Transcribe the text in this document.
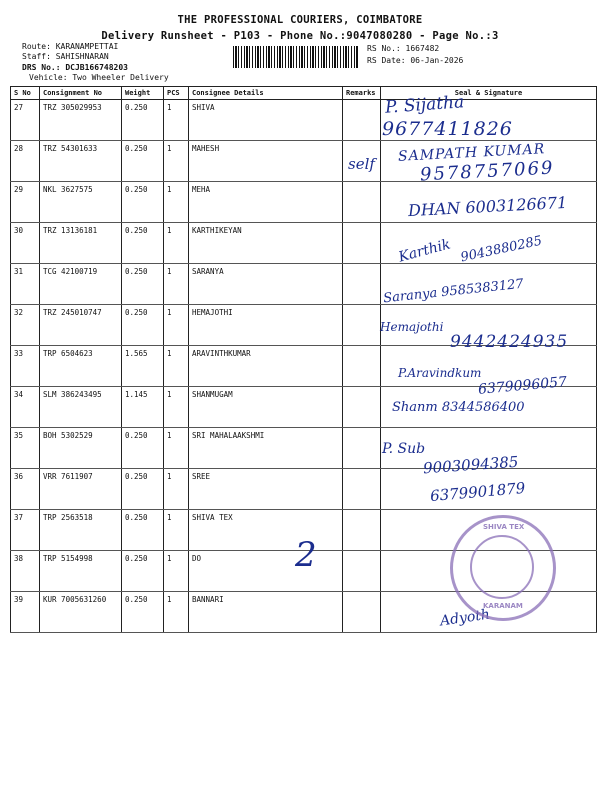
THE PROFESSIONAL COURIERS, COIMBATORE
Delivery Runsheet - P103 - Phone No.:9047080280 - Page No.:3
Route: KARANAMPETTAI
Staff: SAHISHNARAN
DRS No.: DCJB166748203
Vehicle: Two Wheeler Delivery
RS No.: 1667482
RS Date: 06-Jan-2026
S No	Consignment No	Weight	PCS	Consignee Details	Remarks	Seal & Signature
27	TRZ 305029953	0.250	1	SHIVA		
28	TRZ 54301633	0.250	1	MAHESH		
29	NKL 3627575	0.250	1	MEHA		
30	TRZ 13136181	0.250	1	KARTHIKEYAN		
31	TCG 42100719	0.250	1	SARANYA		
32	TRZ 245010747	0.250	1	HEMAJOTHI		
33	TRP 6504623	1.565	1	ARAVINTHKUMAR		
34	SLM 386243495	1.145	1	SHANMUGAM		
35	BOH 5302529	0.250	1	SRI MAHALAAKSHMI		
36	VRR 7611907	0.250	1	SREE		
37	TRP 2563518	0.250	1	SHIVA TEX		
38	TRP 5154998	0.250	1	DO		
39	KUR 7005631260	0.250	1	BANNARI		
P. Sijatha
9677411826
self SAMPATH KUMAR
9578757069
DHAN 6003126671
Karthik 9043880285
Saranya 9585383127
Hemajothi
9442424935
P.Aravindkum
6379096057
Shanm 8344586400
P. Sub
9003094385
6379901879
2
Adyoth
SHIVA TEX
KARANAM
